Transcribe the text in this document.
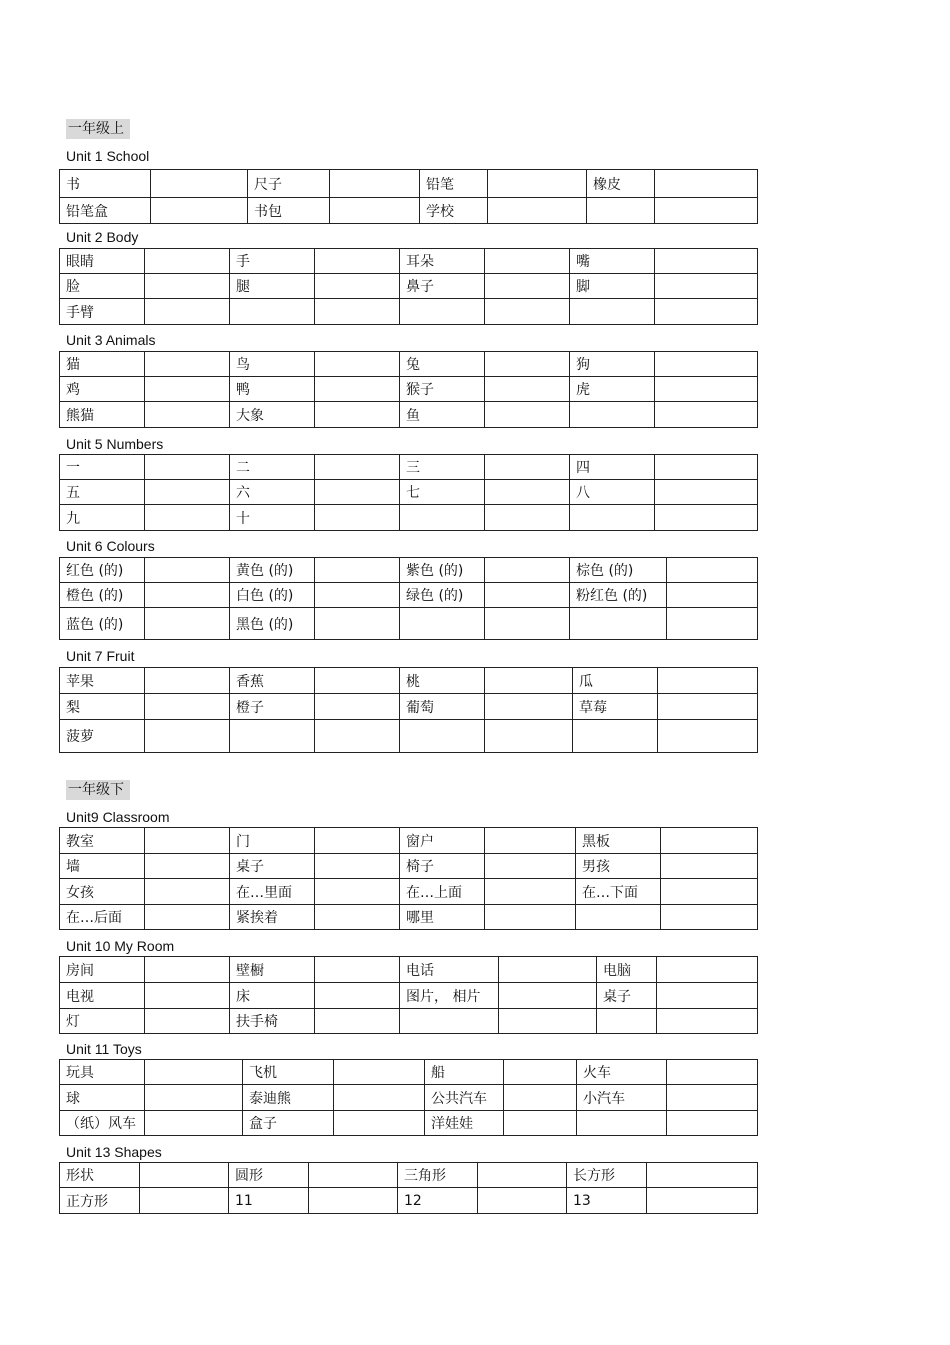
一年级上
Unit 1 School
书		尺子		铅笔		橡皮	
铅笔盒		书包		学校			
Unit 2 Body
眼睛		手		耳朵		嘴	
脸		腿		鼻子		脚	
手臂							
Unit 3 Animals
猫		鸟		兔		狗	
鸡		鸭		猴子		虎	
熊猫		大象		鱼			
Unit 5 Numbers
一		二		三		四	
五		六		七		八	
九		十					
Unit 6 Colours
红色 (的)		黄色 (的)		紫色 (的)		棕色 (的)	
橙色 (的)		白色 (的)		绿色 (的)		粉红色 (的)	
蓝色 (的)		黑色 (的)					
Unit 7 Fruit
苹果		香蕉		桃		瓜	
梨		橙子		葡萄		草莓	
菠萝							
一年级下
Unit9 Classroom
教室		门		窗户		黑板	
墙		桌子		椅子		男孩	
女孩		在…里面		在…上面		在…下面	
在…后面		紧挨着		哪里			
Unit 10 My Room
房间		壁橱		电话		电脑	
电视		床		图片， 相片		桌子	
灯		扶手椅					
Unit 11 Toys
玩具		飞机		船		火车	
球		泰迪熊		公共汽车		小汽车	
（纸）风车		盒子		洋娃娃			
Unit 13 Shapes
形状		圆形		三角形		长方形	
正方形		11		12		13	
